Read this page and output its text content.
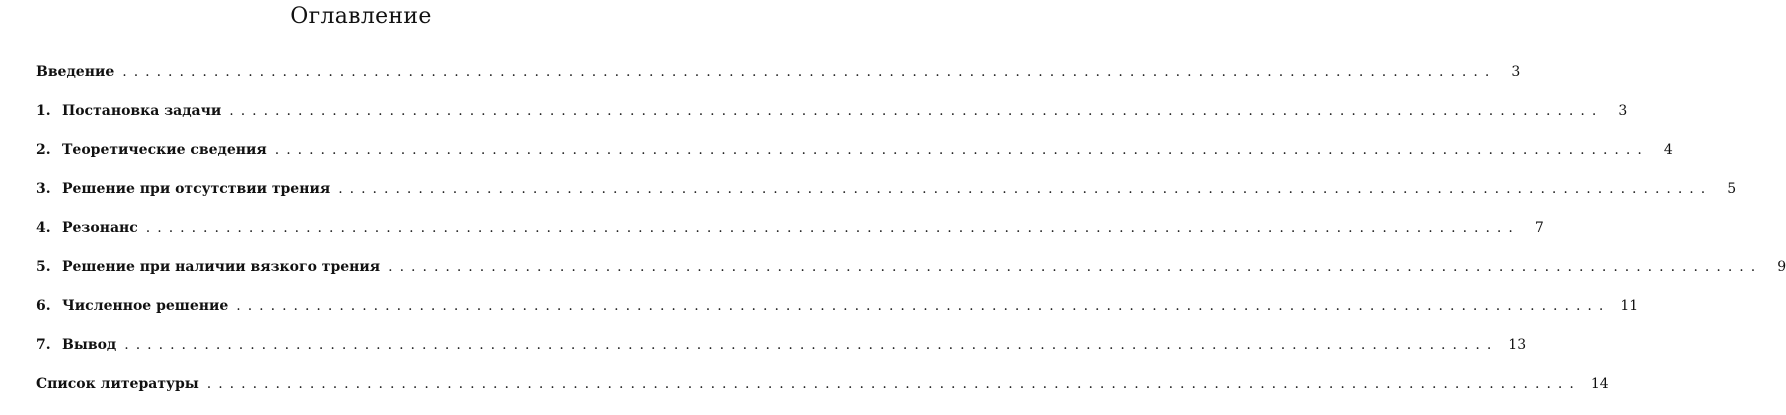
Оглавление
Введение ........................................................................................................................	3
1. Постановка задачи ........................................................................................................................	3
2. Теоретические сведения ........................................................................................................................	4
3. Решение при отсутствии трения ........................................................................................................................	5
4. Резонанс ........................................................................................................................	7
5. Решение при наличии вязкого трения ........................................................................................................................	9
6. Численное решение ........................................................................................................................ 11
7. Вывод ........................................................................................................................ 13
Список литературы ........................................................................................................................ 14
